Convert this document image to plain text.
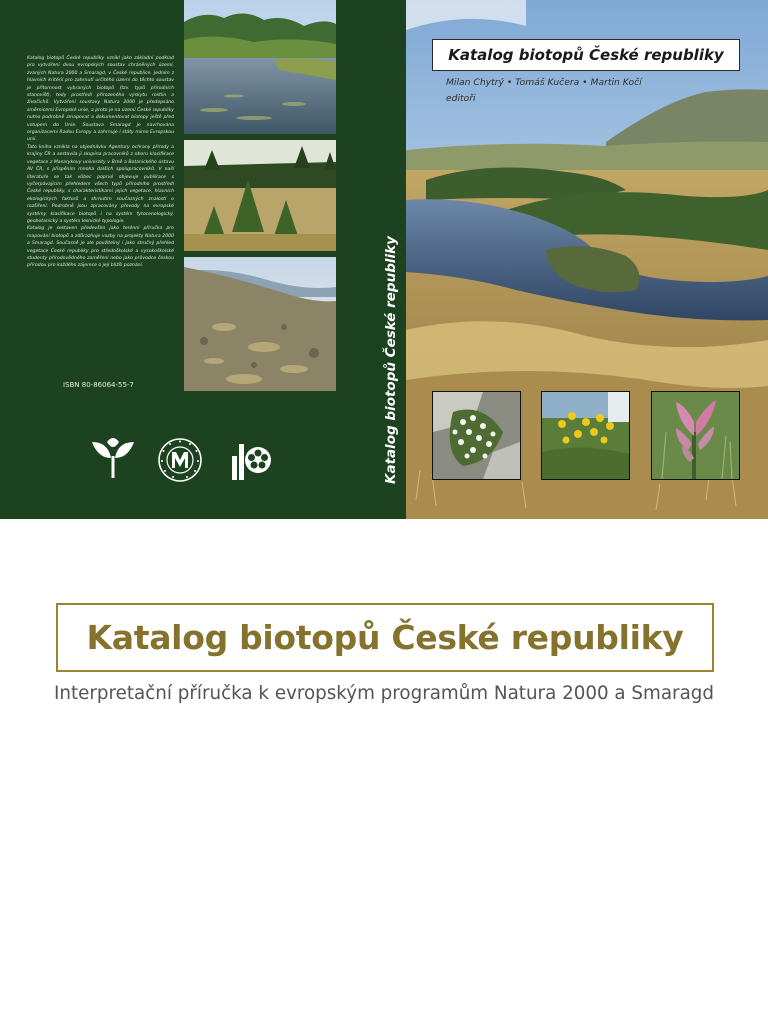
Katalog biotopů České republiky vznikl jako základní podklad pro vytváření dvou evropských soustav chráněných území, zvaných Natura 2000 a Smaragd, v České republice. Jedním z hlavních kritérií pro zahrnutí určitého území do těchto soustav je přítomnost vybraných biotopů (tzv. typů přírodních stanovišť), tedy prostředí přirozeného výskytu rostlin a živočichů. Vytváření soustavy Natura 2000 je předepsáno směrnicemi Evropské unie, a proto je na území České republiky nutno podrobně zmapovat a dokumentovat biotopy ještě před vstupem do Unie. Soustava Smaragd je navrhována organizacemi Radou Evropy a zahrnuje i státy mimo Evropskou unii.

Tato kniha vznikla na objednávku Agentury ochrany přírody a krajiny ČR a sestavila ji skupina pracovníků z oboru klasifikace vegetace z Masarykovy univerzity v Brně a Botanického ústavu AV ČR, s přispěním mnoha dalších spolupracovníků. V naší literatuře se tak vůbec poprvé objevuje publikace s vyčerpávajícím přehledem všech typů přírodního prostředí České republiky, s charakteristikami jejich vegetace, hlavních ekologických faktorů a shrnutím současných znalostí o rozšíření. Podrobně jsou zpracovány převody na evropské systémy klasifikace biotopů i na systém fytocenologický, geobotanický a systém lesnické typologie.

Katalog je sestaven především jako terénní příručka pro mapování biotopů a zdůrazňuje vazby na projekty Natura 2000 a Smaragd. Současně je ale použitelný i jako stručný přehled vegetace České republiky pro středoškolské a vysokoškolské studenty přírodovědného zaměření nebo jako průvodce českou přírodou pro každého zájemce o její bližší poznání.

ISBN 80-86064-55-7	Katalog biotopů České republiky
Katalog biotopů České republiky
Milan Chytrý • Tomáš Kučera • Martin Kočí
editoři
Katalog biotopů České republiky
Interpretační příručka k evropským programům Natura 2000 a Smaragd
